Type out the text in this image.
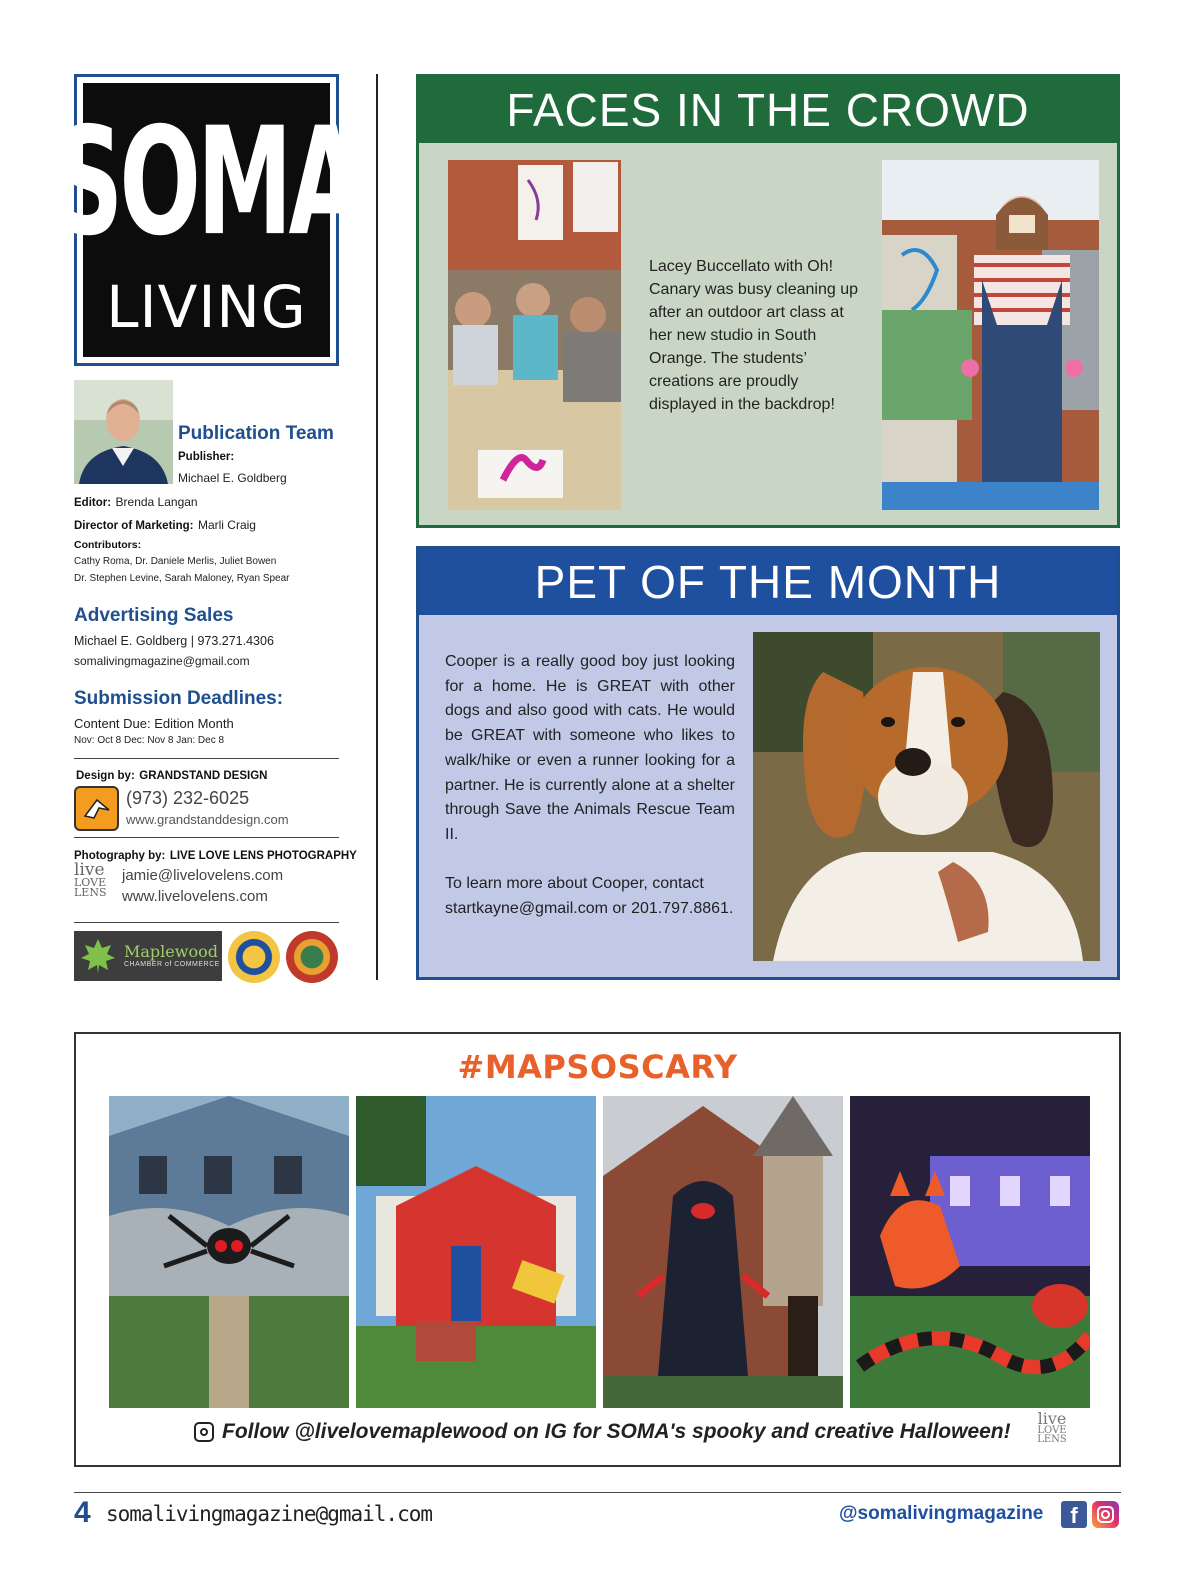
SOMA
LIVING
Publication Team
Publisher:
Michael E. Goldberg
Editor: Brenda Langan
Director of Marketing: Marli Craig
Contributors:
Cathy Roma, Dr. Daniele Merlis, Juliet Bowen
Dr. Stephen Levine, Sarah Maloney, Ryan Spear
Advertising Sales
Michael E. Goldberg | 973.271.4306
somalivingmagazine@gmail.com
Submission Deadlines:
Content Due: Edition Month
Nov: Oct 8 Dec: Nov 8 Jan: Dec 8
Design by: GRANDSTAND DESIGN
(973) 232-6025
www.grandstanddesign.com
Photography by: LIVE LOVE LENS PHOTOGRAPHY
live
LOVE
LENS
jamie@livelovelens.com
www.livelovelens.com
Maplewood
CHAMBER of COMMERCE
FACES IN THE CROWD
Lacey Buccellato with Oh! Canary was busy cleaning up after an outdoor art class at her new studio in South Orange. The students’ creations are proudly displayed in the backdrop!
PET OF THE MONTH
Cooper is a really good boy just looking for a home. He is GREAT with other dogs and also good with cats. He would be GREAT with someone who likes to walk/hike or even a runner looking for a partner. He is currently alone at a shelter through Save the Animals Rescue Team II.
To learn more about Cooper, contact startkayne@gmail.com or 201.797.8861.
#MAPSOSCARY
Follow @livelovemaplewood on IG for SOMA's spooky and creative Halloween!
live
LOVE
LENS
4 somalivingmagazine@gmail.com	@somalivingmagazine	f
